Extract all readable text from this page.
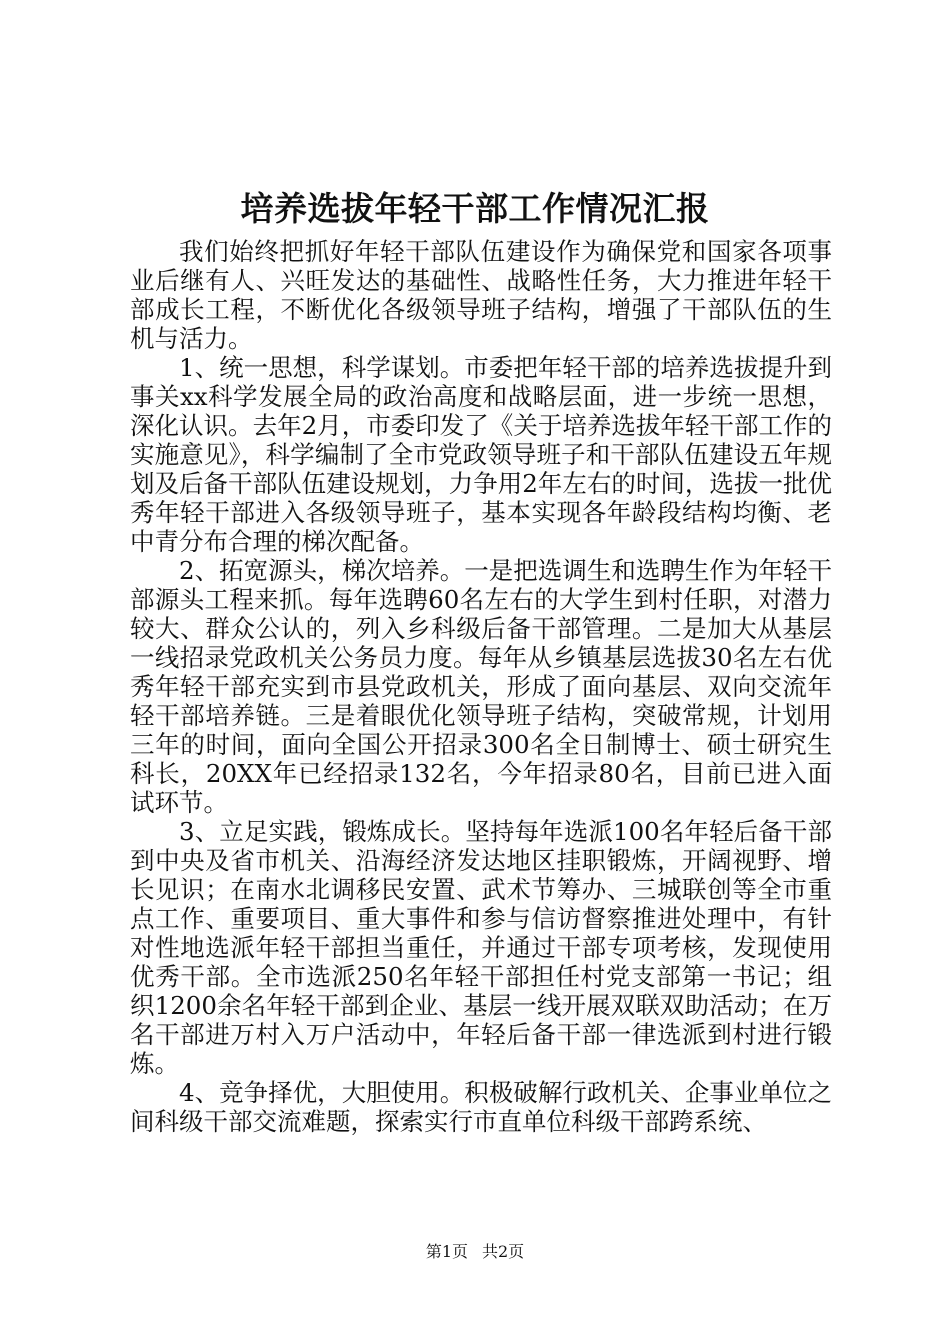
培养选拔年轻干部工作情况汇报

我们始终把抓好年轻干部队伍建设作为确保党和国家各项事业后继有人、兴旺发达的基础性、战略性任务，大力推进年轻干部成长工程，不断优化各级领导班子结构，增强了干部队伍的生机与活力。

1、统一思想，科学谋划。市委把年轻干部的培养选拔提升到事关xx科学发展全局的政治高度和战略层面，进一步统一思想，深化认识。去年2月，市委印发了《关于培养选拔年轻干部工作的实施意见》，科学编制了全市党政领导班子和干部队伍建设五年规划及后备干部队伍建设规划，力争用2年左右的时间，选拔一批优秀年轻干部进入各级领导班子，基本实现各年龄段结构均衡、老中青分布合理的梯次配备。

2、拓宽源头，梯次培养。一是把选调生和选聘生作为年轻干部源头工程来抓。每年选聘60名左右的大学生到村任职，对潜力较大、群众公认的，列入乡科级后备干部管理。二是加大从基层一线招录党政机关公务员力度。每年从乡镇基层选拔30名左右优秀年轻干部充实到市县党政机关，形成了面向基层、双向交流年轻干部培养链。三是着眼优化领导班子结构，突破常规，计划用三年的时间，面向全国公开招录300名全日制博士、硕士研究生科长，20XX年已经招录132名，今年招录80名，目前已进入面试环节。

3、立足实践，锻炼成长。坚持每年选派100名年轻后备干部到中央及省市机关、沿海经济发达地区挂职锻炼，开阔视野、增长见识；在南水北调移民安置、武术节筹办、三城联创等全市重点工作、重要项目、重大事件和参与信访督察推进处理中，有针对性地选派年轻干部担当重任，并通过干部专项考核，发现使用优秀干部。全市选派250名年轻干部担任村党支部第一书记；组织1200余名年轻干部到企业、基层一线开展双联双助活动；在万名干部进万村入万户活动中，年轻后备干部一律选派到村进行锻炼。

4、竞争择优，大胆使用。积极破解行政机关、企事业单位之间科级干部交流难题，探索实行市直单位科级干部跨系统、

第1页 共2页
